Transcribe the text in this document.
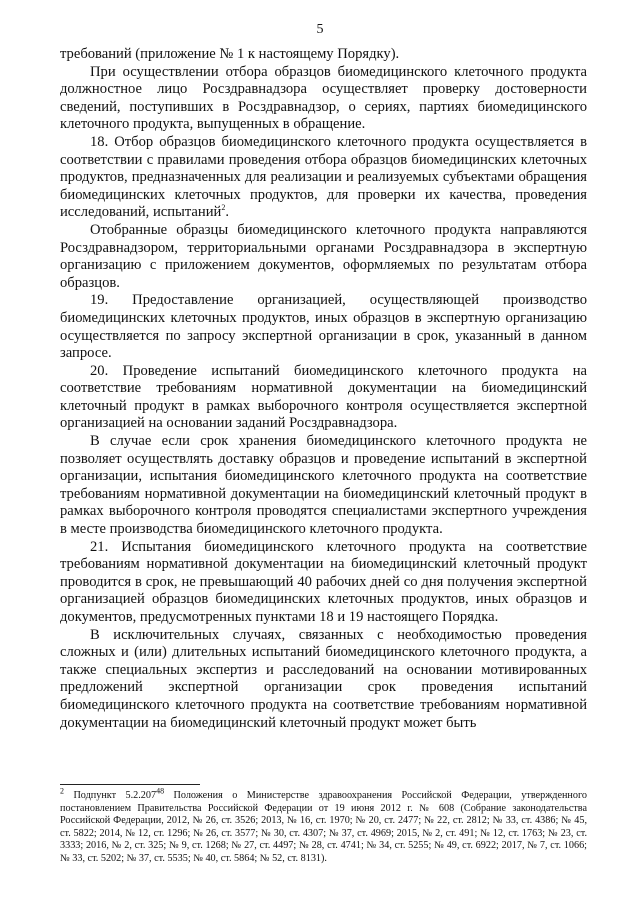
5

требований (приложение № 1 к настоящему Порядку).

При осуществлении отбора образцов биомедицинского клеточного продукта должностное лицо Росздравнадзора осуществляет проверку достоверности сведений, поступивших в Росздравнадзор, о сериях, партиях биомедицинского клеточного продукта, выпущенных в обращение.

18. Отбор образцов биомедицинского клеточного продукта осуществляется в соответствии с правилами проведения отбора образцов биомедицинских клеточных продуктов, предназначенных для реализации и реализуемых субъектами обращения биомедицинских клеточных продуктов, для проверки их качества, проведения исследований, испытаний$^2$.

Отобранные образцы биомедицинского клеточного продукта направляются Росздравнадзором, территориальными органами Росздравнадзора в экспертную организацию с приложением документов, оформляемых по результатам отбора образцов.

19. Предоставление организацией, осуществляющей производство биомедицинских клеточных продуктов, иных образцов в экспертную организацию осуществляется по запросу экспертной организации в срок, указанный в данном запросе.

20. Проведение испытаний биомедицинского клеточного продукта на соответствие требованиям нормативной документации на биомедицинский клеточный продукт в рамках выборочного контроля осуществляется экспертной организацией на основании заданий Росздравнадзора.

В случае если срок хранения биомедицинского клеточного продукта не позволяет осуществлять доставку образцов и проведение испытаний в экспертной организации, испытания биомедицинского клеточного продукта на соответствие требованиям нормативной документации на биомедицинский клеточный продукт в рамках выборочного контроля проводятся специалистами экспертного учреждения в месте производства биомедицинского клеточного продукта.

21. Испытания биомедицинского клеточного продукта на соответствие требованиям нормативной документации на биомедицинский клеточный продукт проводится в срок, не превышающий 40 рабочих дней со дня получения экспертной организацией образцов биомедицинских клеточных продуктов, иных образцов и документов, предусмотренных пунктами 18 и 19 настоящего Порядка.

В исключительных случаях, связанных с необходимостью проведения сложных и (или) длительных испытаний биомедицинского клеточного продукта, а также специальных экспертиз и расследований на основании мотивированных предложений экспертной организации срок проведения испытаний биомедицинского клеточного продукта на соответствие требованиям нормативной документации на биомедицинский клеточный продукт может быть

$^2$ Подпункт 5.2.207$^{48}$ Положения о Министерстве здравоохранения Российской Федерации, утвержденного постановлением Правительства Российской Федерации от 19 июня 2012 г. № 608 (Собрание законодательства Российской Федерации, 2012, № 26, ст. 3526; 2013, № 16, ст. 1970; № 20, ст. 2477; № 22, ст. 2812; № 33, ст. 4386; № 45, ст. 5822; 2014, № 12, ст. 1296; № 26, ст. 3577; № 30, ст. 4307; № 37, ст. 4969; 2015, № 2, ст. 491; № 12, ст. 1763; № 23, ст. 3333; 2016, № 2, ст. 325; № 9, ст. 1268; № 27, ст. 4497; № 28, ст. 4741; № 34, ст. 5255; № 49, ст. 6922; 2017, № 7, ст. 1066; № 33, ст. 5202; № 37, ст. 5535; № 40, ст. 5864; № 52, ст. 8131).
